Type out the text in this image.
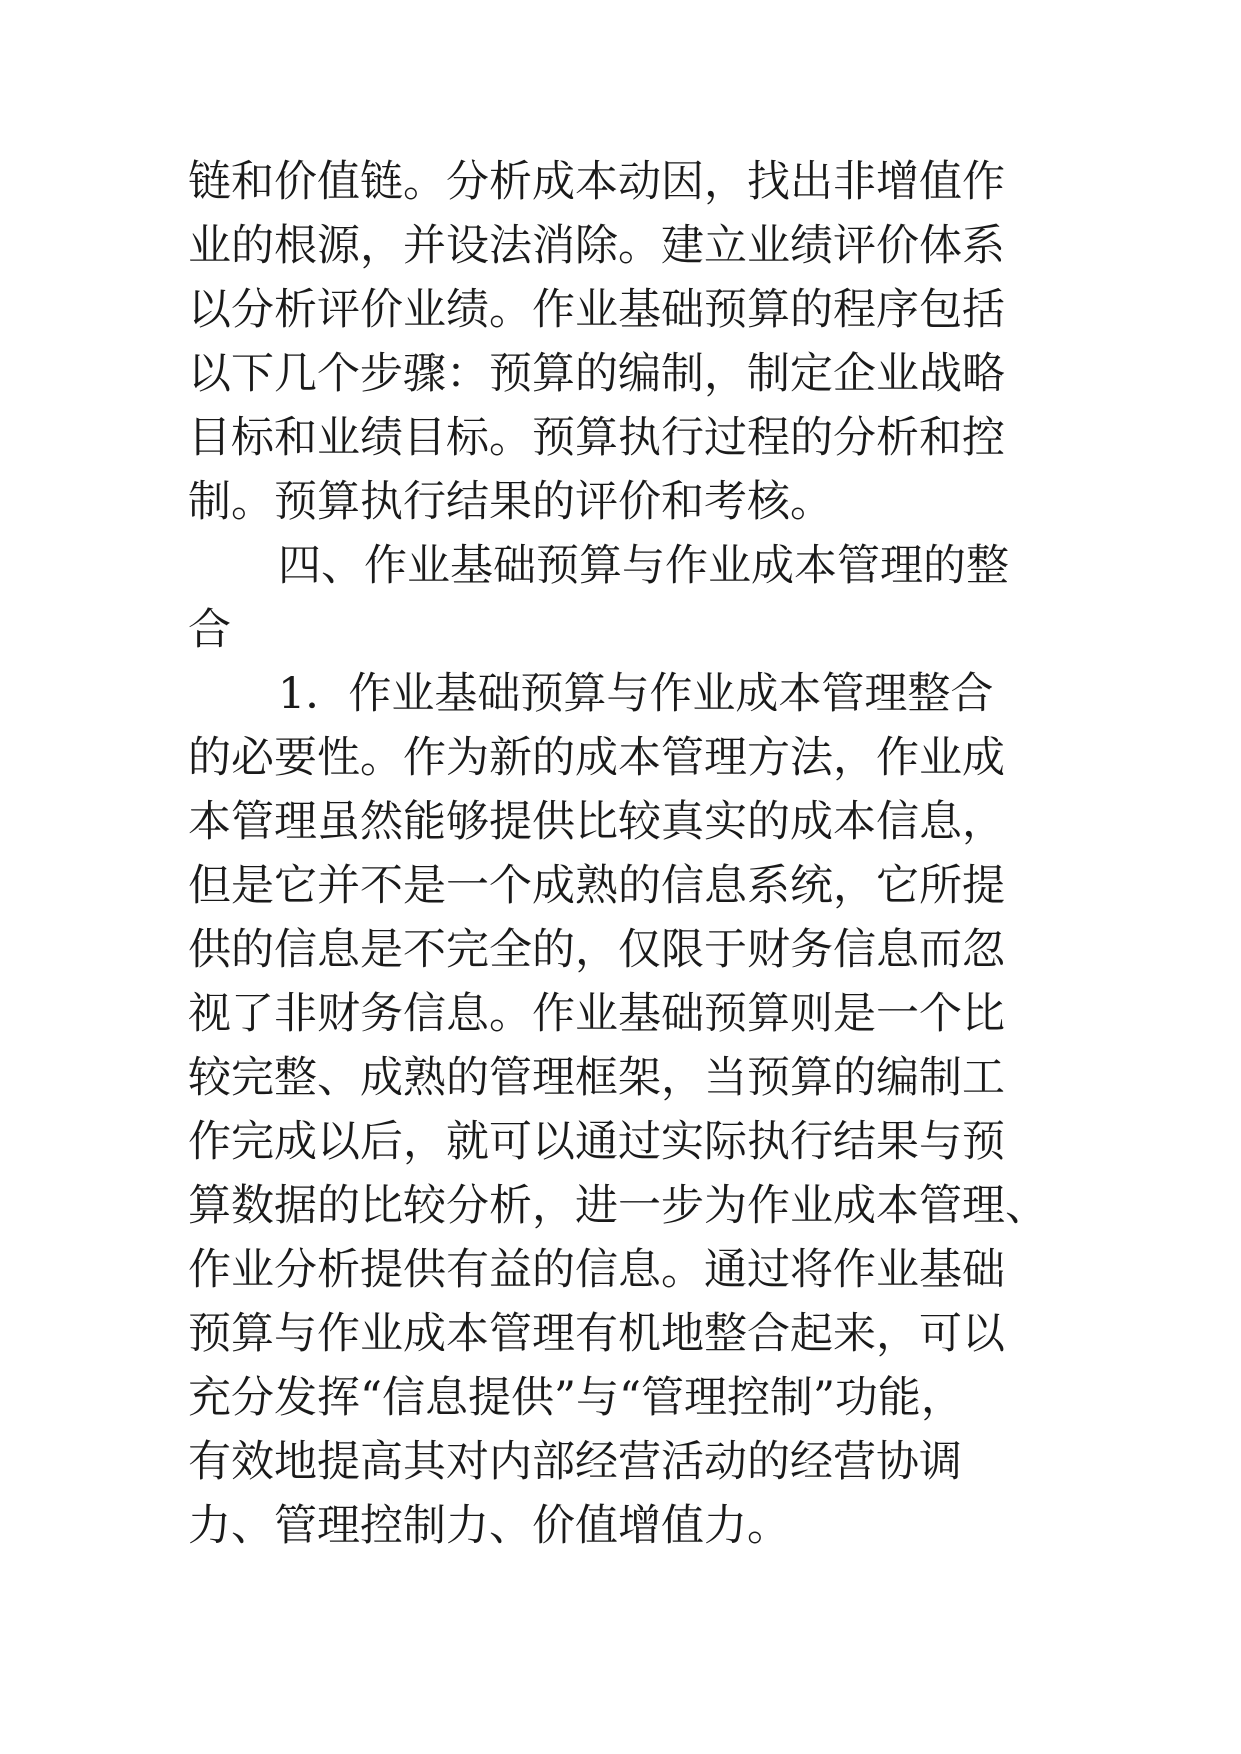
链和价值链。分析成本动因，找出非增值作
业的根源，并设法消除。建立业绩评价体系
以分析评价业绩。作业基础预算的程序包括
以下几个步骤：预算的编制，制定企业战略
目标和业绩目标。预算执行过程的分析和控
制。预算执行结果的评价和考核。
四、作业基础预算与作业成本管理的整
合
1．作业基础预算与作业成本管理整合
的必要性。作为新的成本管理方法，作业成
本管理虽然能够提供比较真实的成本信息，
但是它并不是一个成熟的信息系统，它所提
供的信息是不完全的，仅限于财务信息而忽
视了非财务信息。作业基础预算则是一个比
较完整、成熟的管理框架，当预算的编制工
作完成以后，就可以通过实际执行结果与预
算数据的比较分析，进一步为作业成本管理、
作业分析提供有益的信息。通过将作业基础
预算与作业成本管理有机地整合起来，可以
充分发挥“信息提供”与“管理控制”功能，
有效地提高其对内部经营活动的经营协调
力、管理控制力、价值增值力。
